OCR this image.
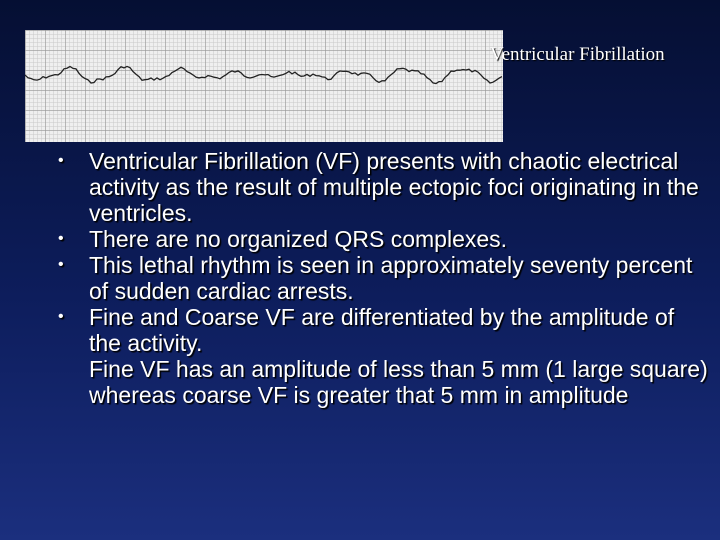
Ventricular Fibrillation
• Ventricular Fibrillation (VF) presents with chaotic electrical activity as the result of multiple ectopic foci originating in the ventricles.
• There are no organized QRS complexes.
• This lethal rhythm is seen in approximately seventy percent of sudden cardiac arrests.
• Fine and Coarse VF are differentiated by the amplitude of the activity.
Fine VF has an amplitude of less than 5 mm (1 large square) whereas coarse VF is greater that 5 mm in amplitude
